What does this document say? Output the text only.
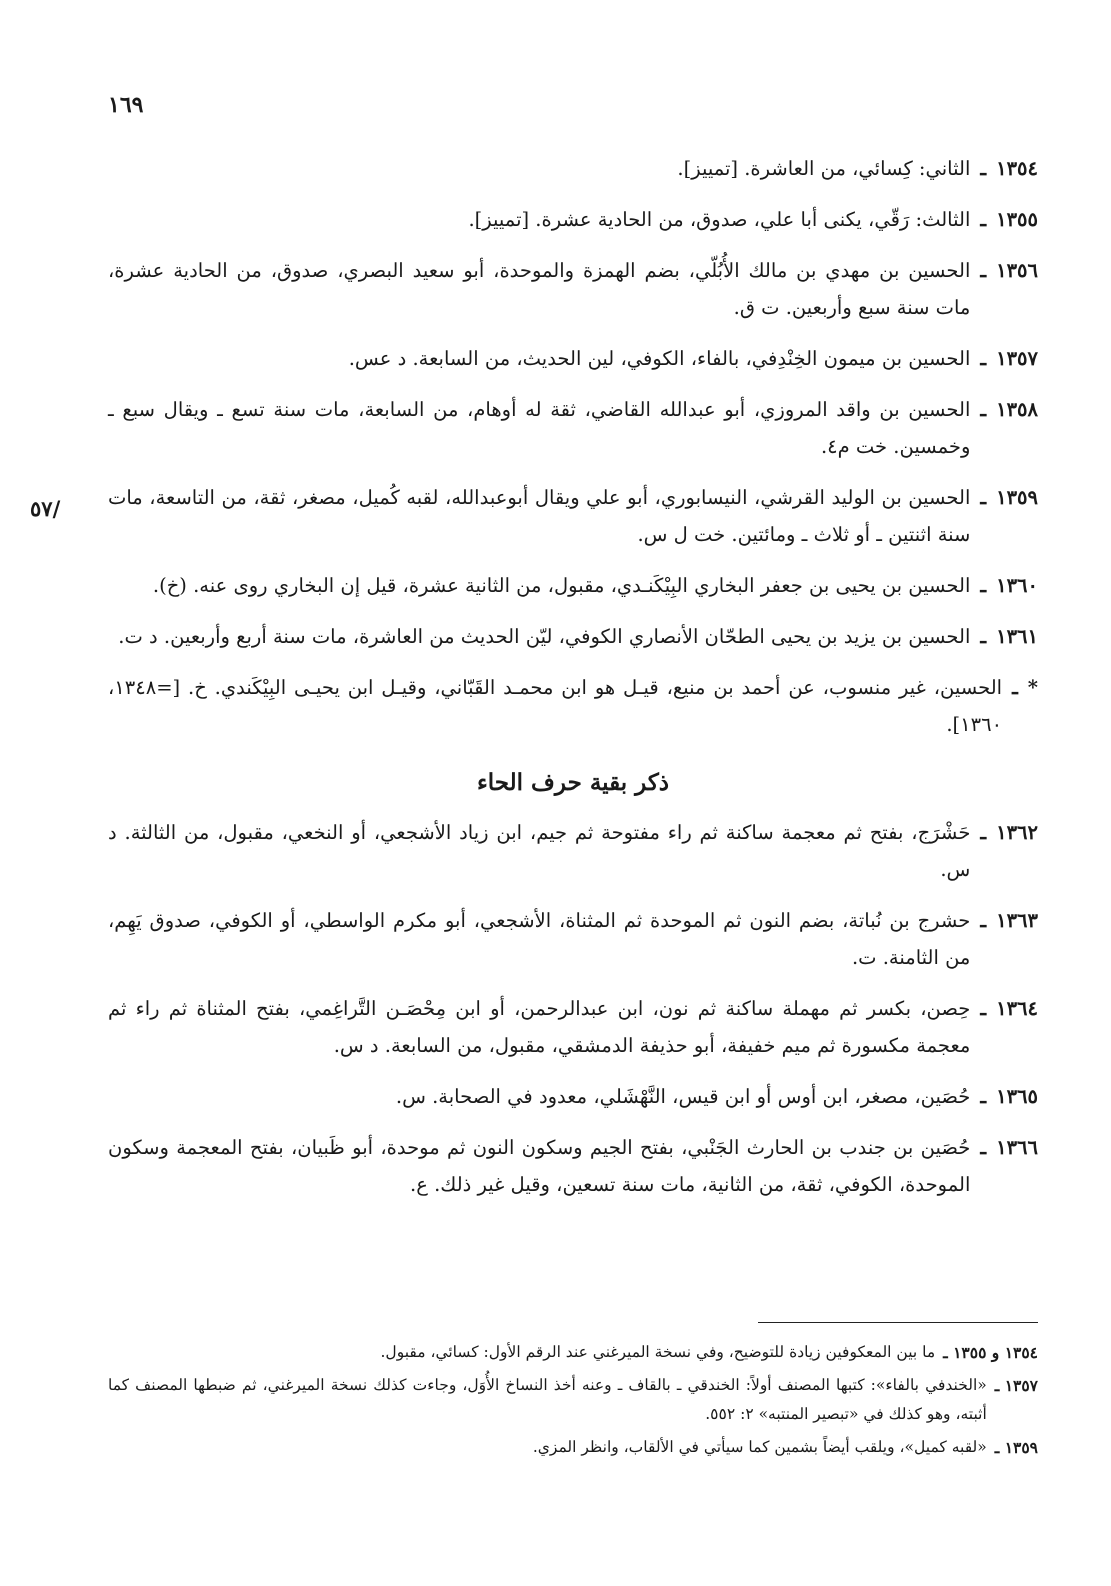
١٦٩
/٥٧
١٣٥٤
ـ
الثاني: كِسائي، من العاشرة. [تمييز].
١٣٥٥
ـ
الثالث: رَقّي، يكنى أبا علي، صدوق، من الحادية عشرة. [تمييز].
١٣٥٦
ـ
الحسين بن مهدي بن مالك الأُبُلّي، بضم الهمزة والموحدة، أبو سعيد البصري، صدوق، من الحادية عشرة، مات سنة سبع وأربعين. ت ق.
١٣٥٧
ـ
الحسين بن ميمون الخِنْدِفي، بالفاء، الكوفي، لين الحديث، من السابعة. د عس.
١٣٥٨
ـ
الحسين بن واقد المروزي، أبو عبدالله القاضي، ثقة له أوهام، من السابعة، مات سنة تسع ـ ويقال سبع ـ وخمسين. خت م٤.
١٣٥٩
ـ
الحسين بن الوليد القرشي، النيسابوري، أبو علي ويقال أبوعبدالله، لقبه كُميل، مصغر، ثقة، من التاسعة، مات سنة اثنتين ـ أو ثلاث ـ ومائتين. خت ل س.
١٣٦٠
ـ
الحسين بن يحيى بن جعفر البخاري البِيْكَنـدي، مقبول، من الثانية عشرة، قيل إن البخاري روى عنه. (خ).
١٣٦١
ـ
الحسين بن يزيد بن يحيى الطحّان الأنصاري الكوفي، ليّن الحديث من العاشرة، مات سنة أربع وأربعين. د ت.
*
ـ
الحسين، غير منسوب، عن أحمد بن منيع، قيـل هو ابن محمـد القَبّاني، وقيـل ابن يحيـى البِيْكَندي. خ. [=١٣٤٨، ١٣٦٠].
ذكر بقية حرف الحاء
١٣٦٢
ـ
حَشْرَج، بفتح ثم معجمة ساكنة ثم راء مفتوحة ثم جيم، ابن زياد الأشجعي، أو النخعي، مقبول، من الثالثة. د س.
١٣٦٣
ـ
حشرج بن نُباتة، بضم النون ثم الموحدة ثم المثناة، الأشجعي، أبو مكرم الواسطي، أو الكوفي، صدوق يَهِم، من الثامنة. ت.
١٣٦٤
ـ
حِصن، بكسر ثم مهملة ساكنة ثم نون، ابن عبدالرحمن، أو ابن مِحْصَـن التَّراغِمي، بفتح المثناة ثم راء ثم معجمة مكسورة ثم ميم خفيفة، أبو حذيفة الدمشقي، مقبول، من السابعة. د س.
١٣٦٥
ـ
حُصَين، مصغر، ابن أوس أو ابن قيس، النَّهْشَلي، معدود في الصحابة. س.
١٣٦٦
ـ
حُصَين بن جندب بن الحارث الجَنْبي، بفتح الجيم وسكون النون ثم موحدة، أبو ظَبيان، بفتح المعجمة وسكون الموحدة، الكوفي، ثقة، من الثانية، مات سنة تسعين، وقيل غير ذلك. ع.
١٣٥٤ و ١٣٥٥ ـ
ما بين المعكوفين زيادة للتوضيح، وفي نسخة الميرغني عند الرقم الأول: كسائي، مقبول.
١٣٥٧ ـ
«الخندفي بالفاء»: كتبها المصنف أولاً: الخندقي ـ بالقاف ـ وعنه أخذ النساخ الأُوَل، وجاءت كذلك نسخة الميرغني، ثم ضبطها المصنف كما أثبته، وهو كذلك في «تبصير المنتبه» ٢: ٥٥٢.
١٣٥٩ ـ
«لقبه كميل»، ويلقب أيضاً بشمين كما سيأتي في الألقاب، وانظر المزي.
